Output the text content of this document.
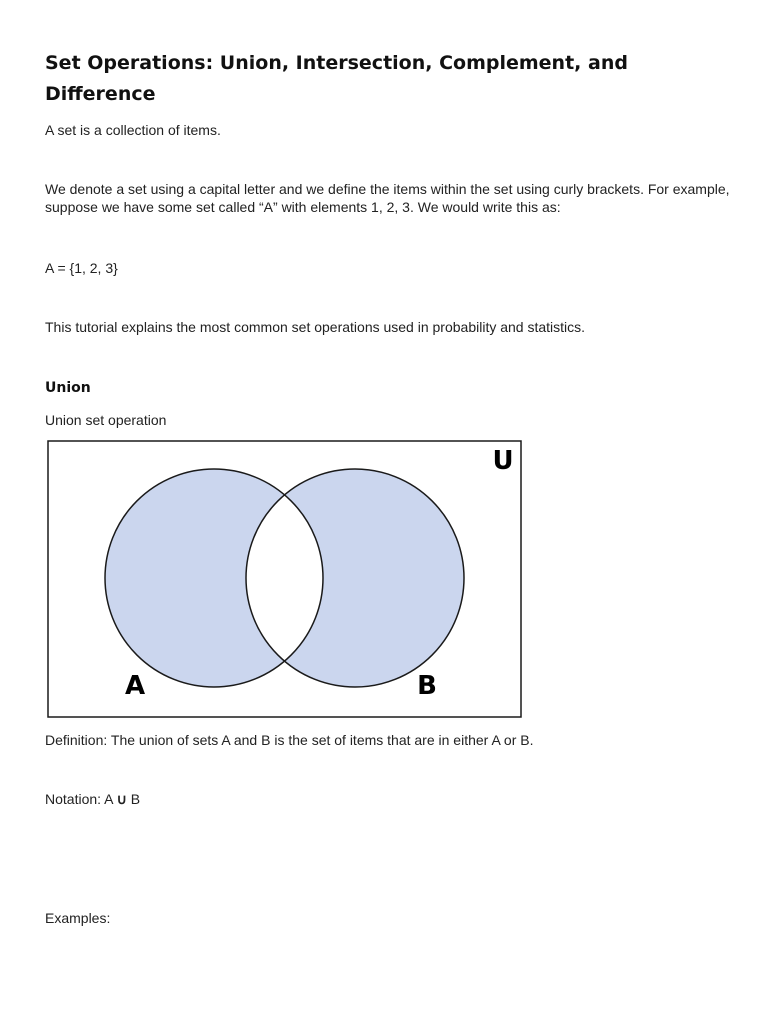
Set Operations: Union, Intersection, Complement, and Difference

A set is a collection of items.

We denote a set using a capital letter and we define the items within the set using curly brackets. For example, suppose we have some set called “A” with elements 1, 2, 3. We would write this as:

A = {1, 2, 3}

This tutorial explains the most common set operations used in probability and statistics.

Union

Union set operation

U
A	B

Definition: The union of sets A and B is the set of items that are in either A or B.

Notation: A ∪ B

Examples:
